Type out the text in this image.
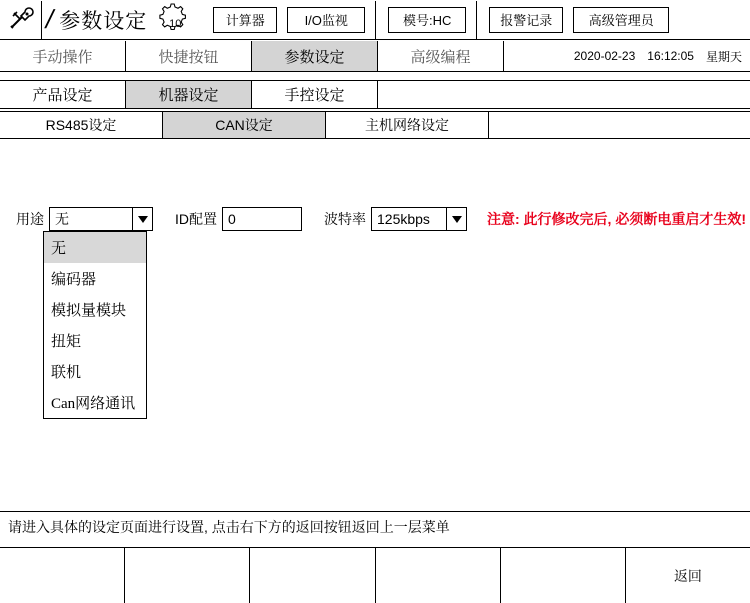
/ 参数设定 10	计算器	I/O监视	模号:HC	报警记录	高级管理员
手动操作	快捷按钮	参数设定	高级编程	2020-02-23 16:12:05 星期天
产品设定	机器设定	手控设定
RS485设定	CAN设定	主机网络设定
用途 无	ID配置 0	波特率 125kbps	注意: 此行修改完后, 必须断电重启才生效!
无
编码器
模拟量模块
扭矩
联机
Can网络通讯
请进入具体的设定页面进行设置, 点击右下方的返回按钮返回上一层菜单
返回
